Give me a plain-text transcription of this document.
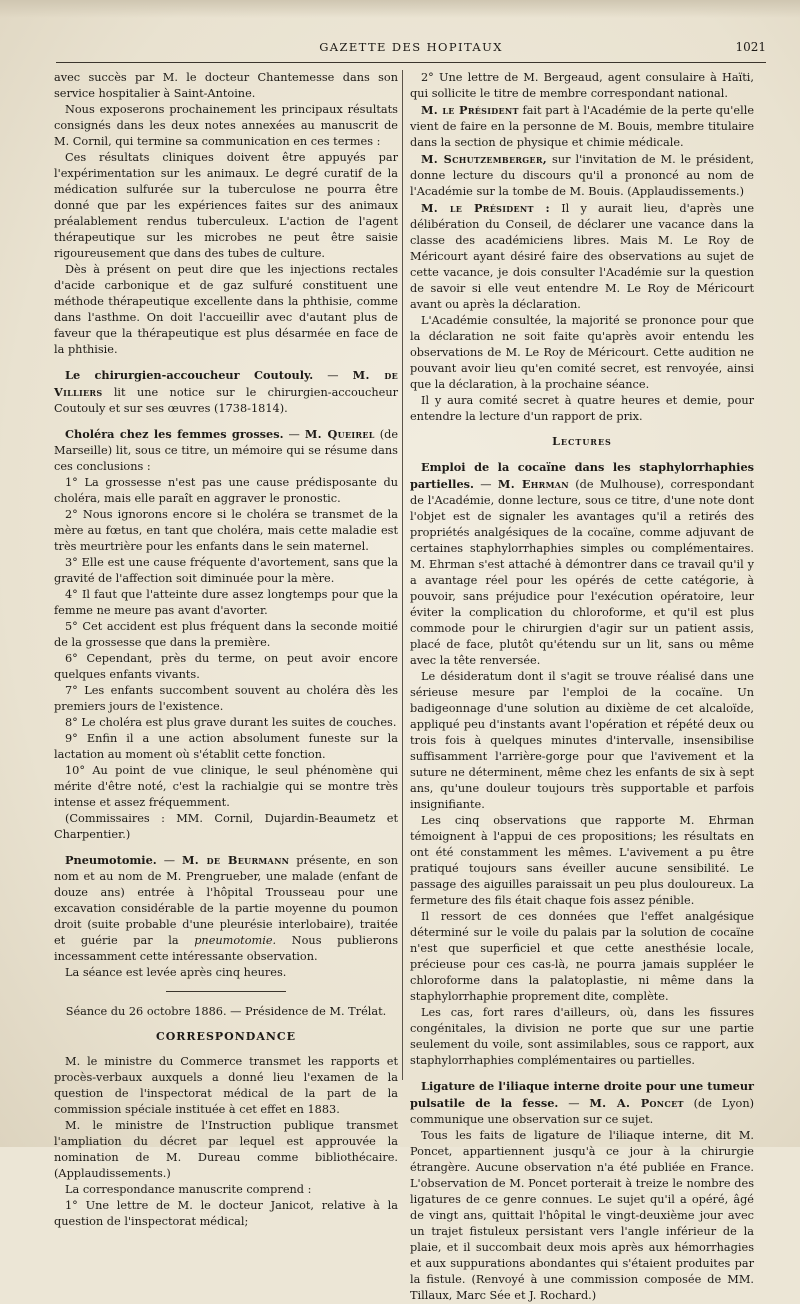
GAZETTE DES HOPITAUX	1021

avec succès par M. le docteur Chantemesse dans son service hospitalier à Saint-Antoine.

Nous exposerons prochainement les principaux résultats consignés dans les deux notes annexées au manuscrit de M. Cornil, qui termine sa communication en ces termes :

Ces résultats cliniques doivent être appuyés par l'expérimentation sur les animaux. Le degré curatif de la médication sulfurée sur la tuberculose ne pourra être donné que par les expériences faites sur des animaux préalablement rendus tuberculeux. L'action de l'agent thérapeutique sur les microbes ne peut être saisie rigoureusement que dans des tubes de culture.

Dès à présent on peut dire que les injections rectales d'acide carbonique et de gaz sulfuré constituent une méthode thérapeutique excellente dans la phthisie, comme dans l'asthme. On doit l'accueillir avec d'autant plus de faveur que la thérapeutique est plus désarmée en face de la phthisie.

Le chirurgien-accoucheur Coutouly. — M. de Villiers lit une notice sur le chirurgien-accoucheur Coutouly et sur ses œuvres (1738-1814).

Choléra chez les femmes grosses. — M. Queirel (de Marseille) lit, sous ce titre, un mémoire qui se résume dans ces conclusions :

1° La grossesse n'est pas une cause prédisposante du choléra, mais elle paraît en aggraver le pronostic.

2° Nous ignorons encore si le choléra se transmet de la mère au fœtus, en tant que choléra, mais cette maladie est très meurtrière pour les enfants dans le sein maternel.

3° Elle est une cause fréquente d'avortement, sans que la gravité de l'affection soit diminuée pour la mère.

4° Il faut que l'atteinte dure assez longtemps pour que la femme ne meure pas avant d'avorter.

5° Cet accident est plus fréquent dans la seconde moitié de la grossesse que dans la première.

6° Cependant, près du terme, on peut avoir encore quelques enfants vivants.

7° Les enfants succombent souvent au choléra dès les premiers jours de l'existence.

8° Le choléra est plus grave durant les suites de couches.

9° Enfin il a une action absolument funeste sur la lactation au moment où s'établit cette fonction.

10° Au point de vue clinique, le seul phénomène qui mérite d'être noté, c'est la rachialgie qui se montre très intense et assez fréquemment.

(Commissaires : MM. Cornil, Dujardin-Beaumetz et Charpentier.)

Pneumotomie. — M. de Beurmann présente, en son nom et au nom de M. Prengrueber, une malade (enfant de douze ans) entrée à l'hôpital Trousseau pour une excavation considérable de la partie moyenne du poumon droit (suite probable d'une pleurésie interlobaire), traitée et guérie par la pneumotomie. Nous publierons incessamment cette intéressante observation.

La séance est levée après cinq heures.

Séance du 26 octobre 1886. — Présidence de M. Trélat.

CORRESPONDANCE

M. le ministre du Commerce transmet les rapports et procès-verbaux auxquels a donné lieu l'examen de la question de l'inspectorat médical de la part de la commission spéciale instituée à cet effet en 1883.

M. le ministre de l'Instruction publique transmet l'ampliation du décret par lequel est approuvée la nomination de M. Dureau comme bibliothécaire. (Applaudissements.)

La correspondance manuscrite comprend :

1° Une lettre de M. le docteur Janicot, relative à la question de l'inspectorat médical;

2° Une lettre de M. Bergeaud, agent consulaire à Haïti, qui sollicite le titre de membre correspondant national.

M. le Président fait part à l'Académie de la perte qu'elle vient de faire en la personne de M. Bouis, membre titulaire dans la section de physique et chimie médicale.

M. Schutzemberger, sur l'invitation de M. le président, donne lecture du discours qu'il a prononcé au nom de l'Académie sur la tombe de M. Bouis. (Applaudissements.)

M. le Président : Il y aurait lieu, d'après une délibération du Conseil, de déclarer une vacance dans la classe des académiciens libres. Mais M. Le Roy de Méricourt ayant désiré faire des observations au sujet de cette vacance, je dois consulter l'Académie sur la question de savoir si elle veut entendre M. Le Roy de Méricourt avant ou après la déclaration.

L'Académie consultée, la majorité se prononce pour que la déclaration ne soit faite qu'après avoir entendu les observations de M. Le Roy de Méricourt. Cette audition ne pouvant avoir lieu qu'en comité secret, est renvoyée, ainsi que la déclaration, à la prochaine séance.

Il y aura comité secret à quatre heures et demie, pour entendre la lecture d'un rapport de prix.

Lectures

Emploi de la cocaïne dans les staphylorrhaphies partielles. — M. Ehrman (de Mulhouse), correspondant de l'Académie, donne lecture, sous ce titre, d'une note dont l'objet est de signaler les avantages qu'il a retirés des propriétés analgésiques de la cocaïne, comme adjuvant de certaines staphylorrhaphies simples ou complémentaires. M. Ehrman s'est attaché à démontrer dans ce travail qu'il y a avantage réel pour les opérés de cette catégorie, à pouvoir, sans préjudice pour l'exécution opératoire, leur éviter la complication du chloroforme, et qu'il est plus commode pour le chirurgien d'agir sur un patient assis, placé de face, plutôt qu'étendu sur un lit, sans ou même avec la tête renversée.

Le désideratum dont il s'agit se trouve réalisé dans une sérieuse mesure par l'emploi de la cocaïne. Un badigeonnage d'une solution au dixième de cet alcaloïde, appliqué peu d'instants avant l'opération et répété deux ou trois fois à quelques minutes d'intervalle, insensibilise suffisamment l'arrière-gorge pour que l'avivement et la suture ne déterminent, même chez les enfants de six à sept ans, qu'une douleur toujours très supportable et parfois insignifiante.

Les cinq observations que rapporte M. Ehrman témoignent à l'appui de ces propositions; les résultats en ont été constamment les mêmes. L'avivement a pu être pratiqué toujours sans éveiller aucune sensibilité. Le passage des aiguilles paraissait un peu plus douloureux. La fermeture des fils était chaque fois assez pénible.

Il ressort de ces données que l'effet analgésique déterminé sur le voile du palais par la solution de cocaïne n'est que superficiel et que cette anesthésie locale, précieuse pour ces cas-là, ne pourra jamais suppléer le chloroforme dans la palatoplastie, ni même dans la staphylorrhaphie proprement dite, complète.

Les cas, fort rares d'ailleurs, où, dans les fissures congénitales, la division ne porte que sur une partie seulement du voile, sont assimilables, sous ce rapport, aux staphylorrhaphies complémentaires ou partielles.

Ligature de l'iliaque interne droite pour une tumeur pulsatile de la fesse. — M. A. Poncet (de Lyon) communique une observation sur ce sujet.

Tous les faits de ligature de l'iliaque interne, dit M. Poncet, appartiennent jusqu'à ce jour à la chirurgie étrangère. Aucune observation n'a été publiée en France. L'observation de M. Poncet porterait à treize le nombre des ligatures de ce genre connues. Le sujet qu'il a opéré, âgé de vingt ans, quittait l'hôpital le vingt-deuxième jour avec un trajet fistuleux persistant vers l'angle inférieur de la plaie, et il succombait deux mois après aux hémorrhagies et aux suppurations abondantes qui s'étaient produites par la fistule. (Renvoyé à une commission composée de MM. Tillaux, Marc Sée et J. Rochard.)
